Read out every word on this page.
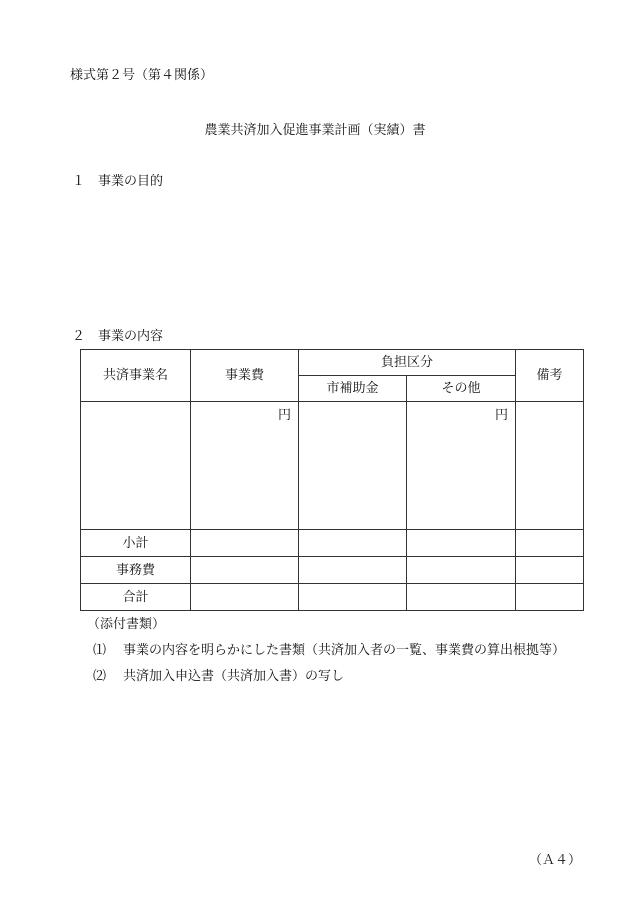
様式第２号（第４関係）
農業共済加入促進事業計画（実績）書
１ 事業の目的
２ 事業の内容
共済事業名	事業費	負担区分		備考
		市補助金	その他	
	円		円	
小計				
事務費				
合計				
（添付書類）
⑴ 事業の内容を明らかにした書類（共済加入者の一覧、事業費の算出根拠等）
⑵ 共済加入申込書（共済加入書）の写し
（Ａ４）
